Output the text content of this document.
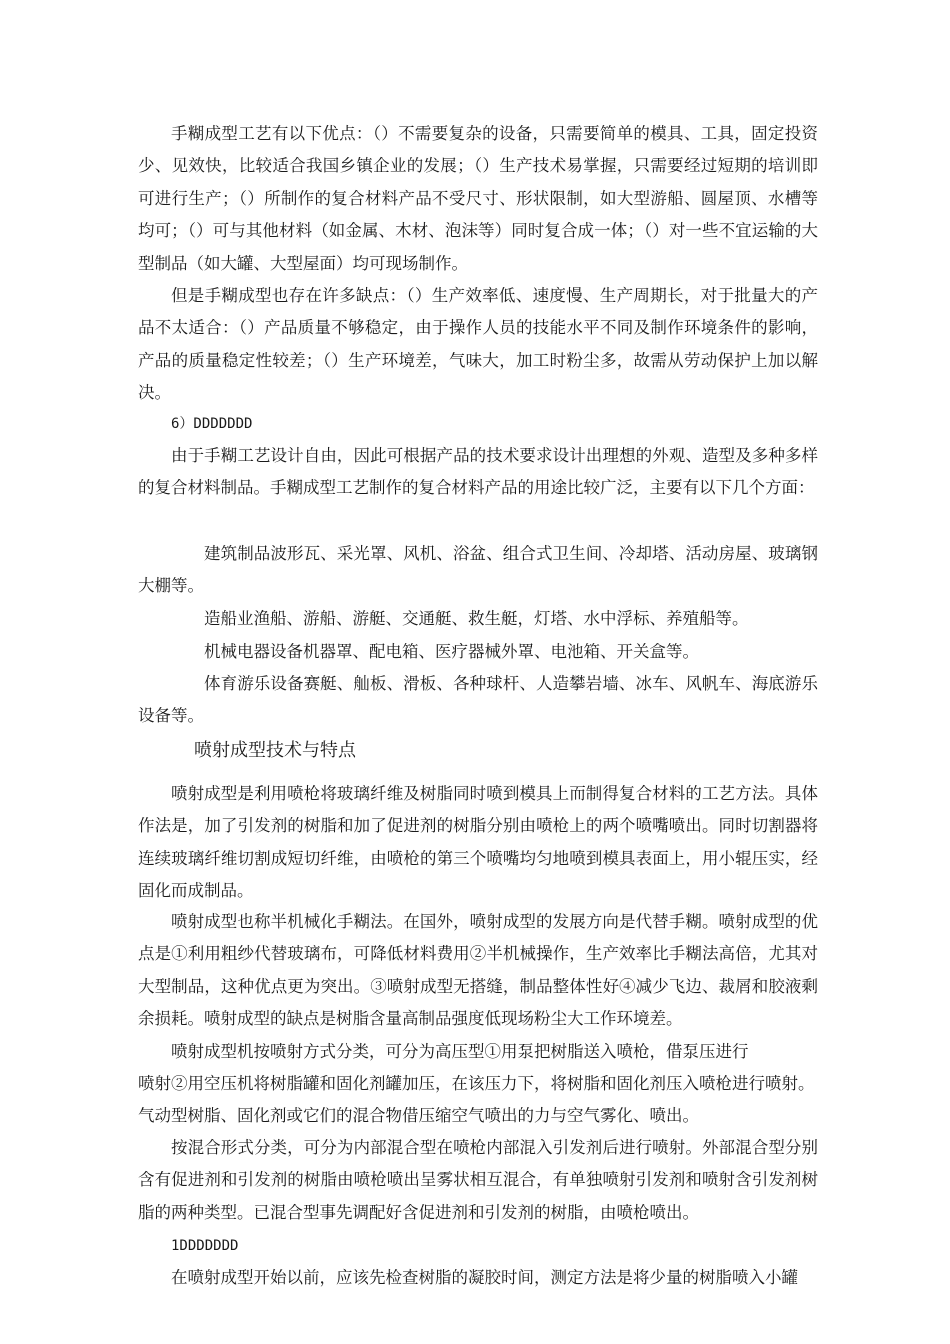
手糊成型工艺有以下优点：（）不需要复杂的设备，只需要简单的模具、工具，固定投资少、见效快，比较适合我国乡镇企业的发展；（）生产技术易掌握，只需要经过短期的培训即可进行生产；（）所制作的复合材料产品不受尺寸、形状限制，如大型游船、圆屋顶、水槽等均可；（）可与其他材料（如金属、木材、泡沫等）同时复合成一体；（）对一些不宜运输的大型制品（如大罐、大型屋面）均可现场制作。

但是手糊成型也存在许多缺点：（）生产效率低、速度慢、生产周期长，对于批量大的产品不太适合：（）产品质量不够稳定，由于操作人员的技能水平不同及制作环境条件的影响，产品的质量稳定性较差；（）生产环境差，气味大，加工时粉尘多，故需从劳动保护上加以解决。

6）DDDDDDD

由于手糊工艺设计自由，因此可根据产品的技术要求设计出理想的外观、造型及多种多样的复合材料制品。手糊成型工艺制作的复合材料产品的用途比较广泛，主要有以下几个方面：

建筑制品波形瓦、采光罩、风机、浴盆、组合式卫生间、冷却塔、活动房屋、玻璃钢大棚等。

造船业渔船、游船、游艇、交通艇、救生艇，灯塔、水中浮标、养殖船等。

机械电器设备机器罩、配电箱、医疗器械外罩、电池箱、开关盒等。

体育游乐设备赛艇、舢板、滑板、各种球杆、人造攀岩墙、冰车、风帆车、海底游乐设备等。

喷射成型技术与特点

喷射成型是利用喷枪将玻璃纤维及树脂同时喷到模具上而制得复合材料的工艺方法。具体作法是，加了引发剂的树脂和加了促进剂的树脂分别由喷枪上的两个喷嘴喷出。同时切割器将连续玻璃纤维切割成短切纤维，由喷枪的第三个喷嘴均匀地喷到模具表面上，用小辊压实，经固化而成制品。

喷射成型也称半机械化手糊法。在国外，喷射成型的发展方向是代替手糊。喷射成型的优点是①利用粗纱代替玻璃布，可降低材料费用②半机械操作，生产效率比手糊法高倍，尤其对大型制品，这种优点更为突出。③喷射成型无搭缝，制品整体性好④减少飞边、裁屑和胶液剩余损耗。喷射成型的缺点是树脂含量高制品强度低现场粉尘大工作环境差。

喷射成型机按喷射方式分类，可分为高压型①用泵把树脂送入喷枪，借泵压进行

喷射②用空压机将树脂罐和固化剂罐加压，在该压力下，将树脂和固化剂压入喷枪进行喷射。气动型树脂、固化剂或它们的混合物借压缩空气喷出的力与空气雾化、喷出。

按混合形式分类，可分为内部混合型在喷枪内部混入引发剂后进行喷射。外部混合型分别含有促进剂和引发剂的树脂由喷枪喷出呈雾状相互混合，有单独喷射引发剂和喷射含引发剂树脂的两种类型。已混合型事先调配好含促进剂和引发剂的树脂，由喷枪喷出。

1DDDDDDD

在喷射成型开始以前，应该先检查树脂的凝胶时间，测定方法是将少量的树脂喷入小罐
